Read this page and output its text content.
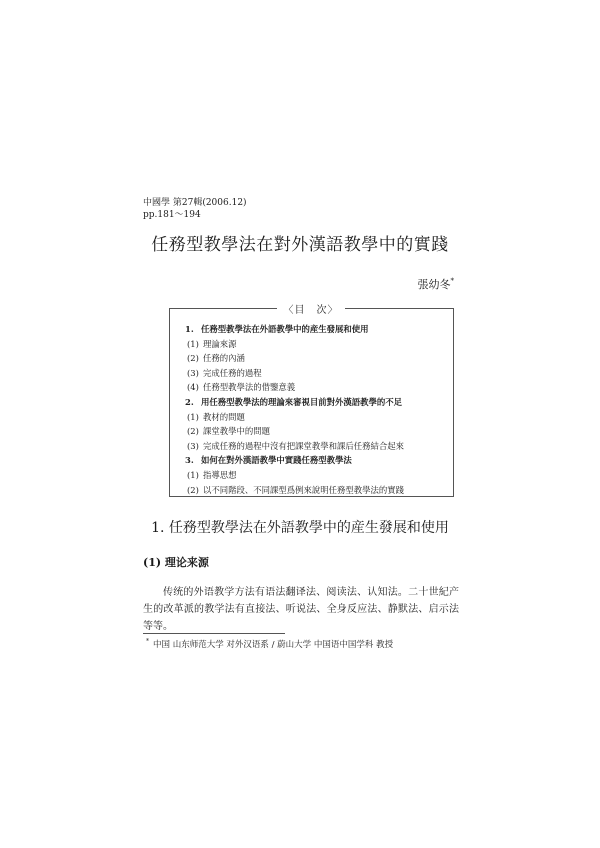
中國學 第27輯(2006.12)
pp.181～194
任務型教學法在對外漢語教學中的實踐
張幼冬*
〈目　次〉
1. 任務型教學法在外語教學中的産生發展和使用
(1) 理論來源
(2) 任務的內涵
(3) 完成任務的過程
(4) 任務型教學法的借鑒意義
2. 用任務型教學法的理論來審視目前對外漢語教學的不足
(1) 教材的問題
(2) 課堂教學中的問題
(3) 完成任務的過程中沒有把課堂教學和課后任務結合起來
3. 如何在對外漢語教學中實踐任務型教學法
(1) 指導思想
(2) 以不同階段、不同課型爲例來說明任務型教學法的實踐
1. 任務型教學法在外語教學中的産生發展和使用
(1) 理论来源

传统的外语教学方法有语法翻译法、阅读法、认知法。二十世紀产生的改革派的教学法有直接法、听说法、全身反应法、静默法、启示法等等。

* 中国 山东师范大学 对外汉语系 / 蔚山大学 中国语中国学科 教授
